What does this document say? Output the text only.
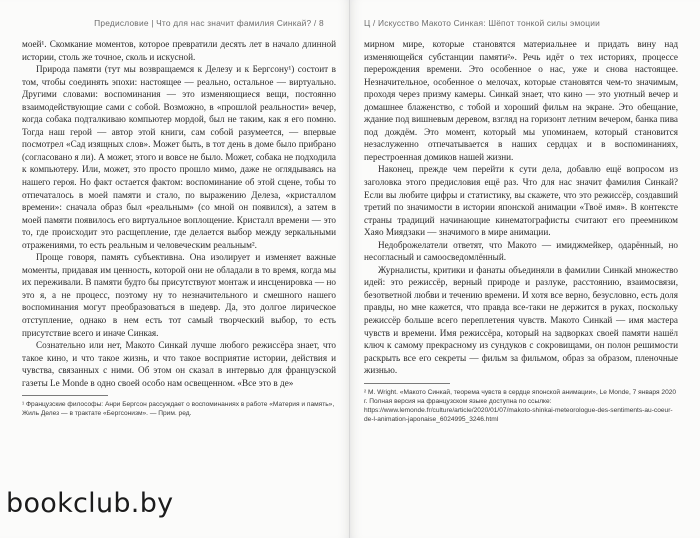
Предисловие | Что для нас значит фамилия Синкай? / 8

моей¹. Скомкание моментов, которое превратили десять лет в начало длинной истории, столь же точное, сколь и искусной.

Природа памяти (тут мы возвращаемся к Делезу и к Бергсону¹) состоит в том, чтобы соединять эпохи: настоящее — реально, остальное — виртуально. Другими словами: воспоминания — это изменяющиеся вещи, постоянно взаимодействующие сами с собой. Возможно, в «прошлой реальности» вечер, когда собака подталкиваю компьютер мордой, был не таким, как я его помню. Тогда наш герой — автор этой книги, сам собой разумеется, — впервые посмотрел «Сад изящных слов». Может быть, в тот день в доме было прибрано (согласовано я ли). А может, этого и вовсе не было. Может, собака не подходила к компьютеру. Или, может, это просто прошло мимо, даже не оглядываясь на нашего героя. Но факт остается фактом: воспоминание об этой сцене, тобы то отпечаталось в моей памяти и стало, по выражению Делеза, «кристаллом времени»: сначала образ был «реальным» (со мной он появился), а затем в моей памяти появилось его виртуальное воплощение. Кристалл времени — это то, где происходит это расщепление, где делается выбор между зеркальными отражениями, то есть реальным и человеческим реальным².

Проще говоря, память субъективна. Она изолирует и изменяет важные моменты, придавая им ценность, которой они не обладали в то время, когда мы их переживали. В памяти будто бы присутствуют монтаж и инсценировка — но это я, а не процесс, поэтому ну то незначительного и смешного нашего воспоминания могут преобразоваться в шедевр. Да, это долгое лирическое отступление, однако в нем есть тот самый творческий выбор, то есть присутствие всего и иначе Синкая.

Сознательно или нет, Макото Синкай лучше любого режиссёра знает, что такое кино, и что такое жизнь, и что такое восприятие истории, действия и чувства, связанных с ними. Об этом он сказал в интервью для французской газеты Le Monde в одно своей особо нам освещенном. «Все это в де»

¹ Французские философы: Анри Бергсон рассуждает о воспоминаниях в работе «Материя и память», Жиль Делез — в трактате «Бергсонизм». — Прим. ред.

Ц / Искусство Макото Синкая: Шёпот тонкой силы эмоции

мирном мире, которые становятся материальнее и придать вину над изменяющейся субстанции памяти²». Речь идёт о тех историях, процессе перерождения времени. Это особенное о нас, уже и снова настоящее. Незначительное, особенное о мелочах, которые становятся чем-то значимым, проходя через призму камеры. Синкай знает, что кино — это уютный вечер и домашнее блаженство, с тобой и хороший фильм на экране. Это обещание, ждание под вишневым деревом, взгляд на горизонт летним вечером, банка пива под дождём. Это момент, который мы упоминаем, который становится незаслуженно отпечатывается в наших сердцах и в воспоминаниях, перестроенная домиков нашей жизни.

Наконец, прежде чем перейти к сути дела, добавлю ещё вопросом из заголовка этого предисловия ещё раз. Что для нас значит фамилия Синкай? Если вы любите цифры и статистику, вы скажете, что это режиссёр, создавший третий по значимости в истории японской анимации «Твоё имя». В контексте страны традиций начинающие кинематографисты считают его преемником Хаяо Миядзаки — значимого в мире анимации.

Недоброжелатели ответят, что Макото — имиджмейкер, одарённый, но несогласный и самоосведомлённый.

Журналисты, критики и фанаты объединяли в фамилии Синкай множество идей: это режиссёр, верный природе и разлуке, расстоянию, взаимосвязи, безответной любви и течению времени. И хотя все верно, безусловно, есть доля правды, но мне кажется, что правда все-таки не держится в руках, поскольку режиссёр больше всего переплетения чувств. Макото Синкай — имя мастера чувств и времени. Имя режиссёра, который на задворках своей памяти нашёл ключ к самому прекрасному из сундуков с сокровищами, он полон решимости раскрыть все его секреты — фильм за фильмом, образ за образом, пленочные жизнью.

² М. Wright. «Макото Синкай, теорема чувств в сердце японской анимации», Le Monde, 7 января 2020 г. Полная версия на французском языке доступна по ссылке: https://www.lemonde.fr/culture/article/2020/01/07/makoto-shinkai-meteorologue-des-sentiments-au-coeur-de-l-animation-japonaise_6024995_3246.html

bookclub.by
